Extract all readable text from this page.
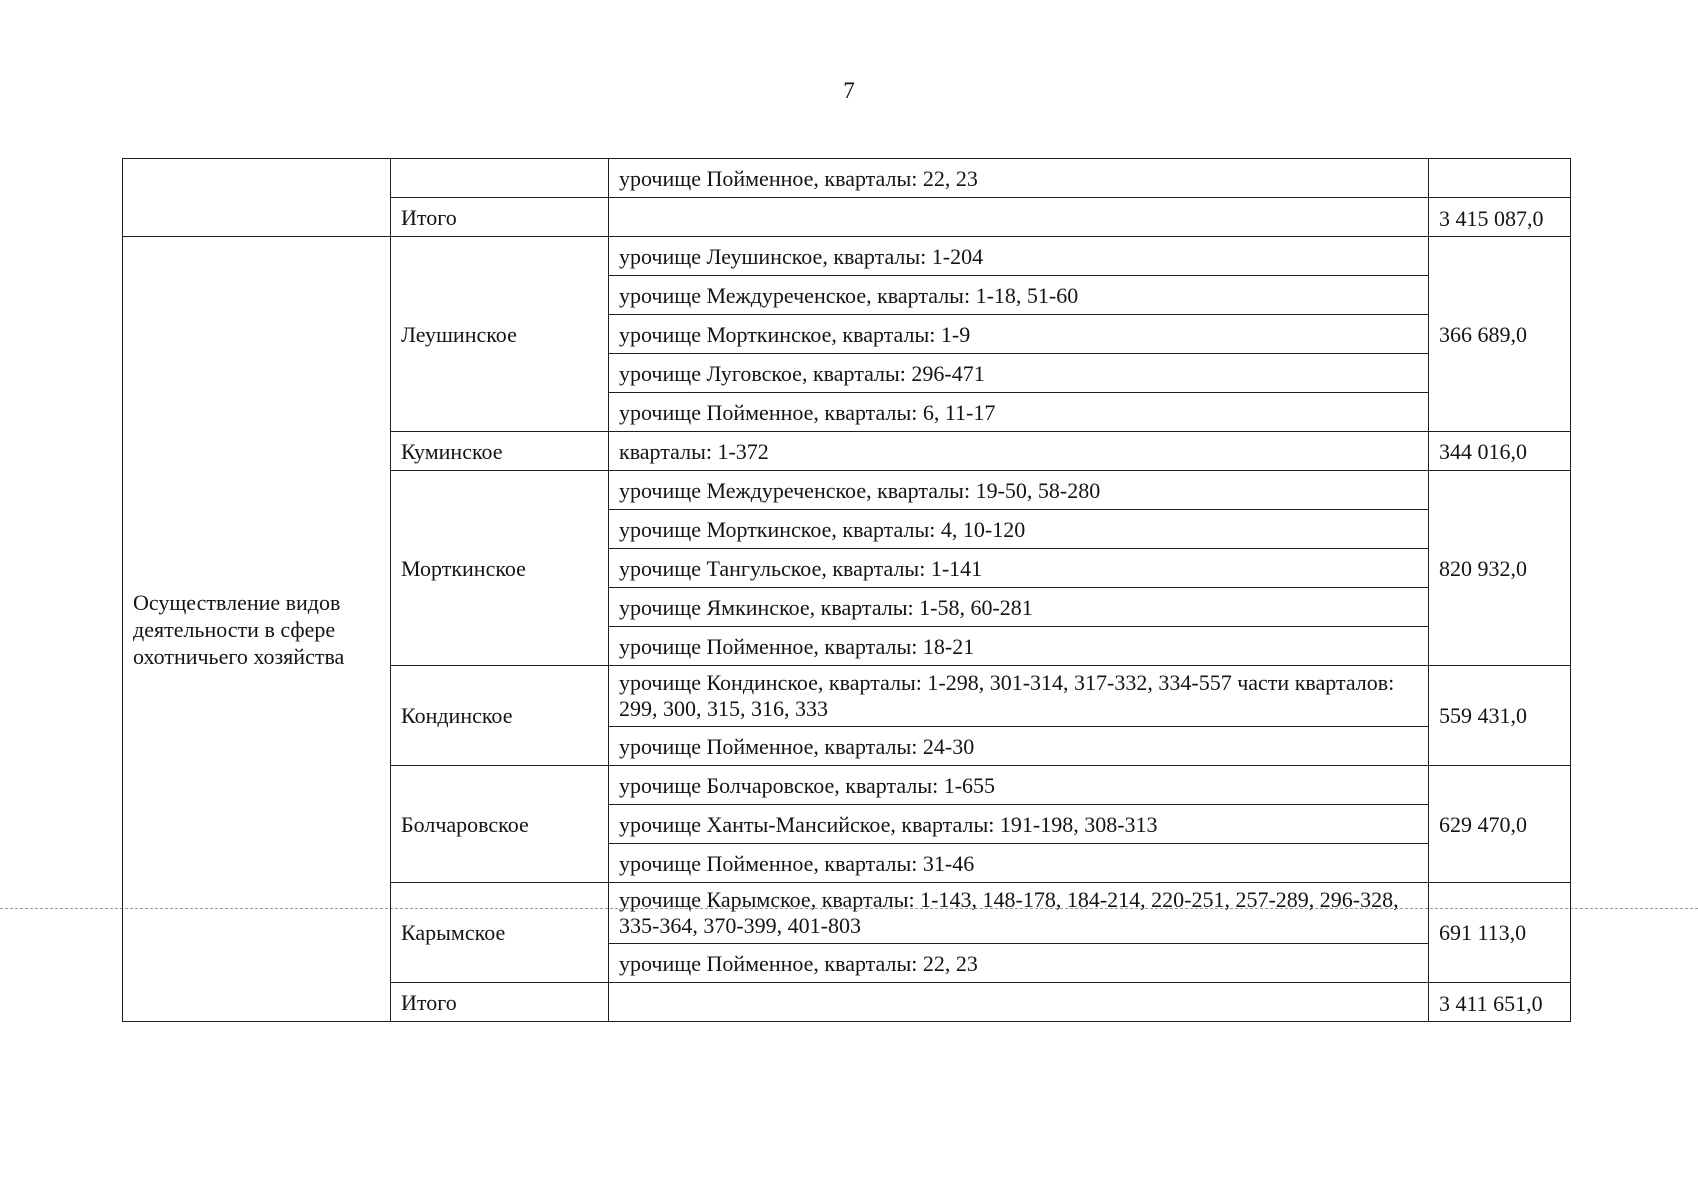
7
		урочище Пойменное, кварталы: 22, 23	
	Итого		3 415 087,0
Осуществление видов деятельности в сфере охотничьего хозяйства	Леушинское	урочище Леушинское, кварталы: 1-204	366 689,0
		урочище Междуреченское, кварталы: 1-18, 51-60	
		урочище Морткинское, кварталы: 1-9	
		урочище Луговское, кварталы: 296-471	
		урочище Пойменное, кварталы: 6, 11-17	
	Куминское	кварталы: 1-372	344 016,0
	Морткинское	урочище Междуреченское, кварталы: 19-50, 58-280	820 932,0
		урочище Морткинское, кварталы: 4, 10-120	
		урочище Тангульское, кварталы: 1-141	
		урочище Ямкинское, кварталы: 1-58, 60-281	
		урочище Пойменное, кварталы: 18-21	
	Кондинское	урочище Кондинское, кварталы: 1-298, 301-314, 317-332, 334-557 части кварталов: 299, 300, 315, 316, 333	559 431,0
		урочище Пойменное, кварталы: 24-30	
	Болчаровское	урочище Болчаровское, кварталы: 1-655	629 470,0
		урочище Ханты-Мансийское, кварталы: 191-198, 308-313	
		урочище Пойменное, кварталы: 31-46	
	Карымское	урочище Карымское, кварталы: 1-143, 148-178, 184-214, 220-251, 257-289, 296-328, 335-364, 370-399, 401-803	691 113,0
		урочище Пойменное, кварталы: 22, 23	
	Итого		3 411 651,0
